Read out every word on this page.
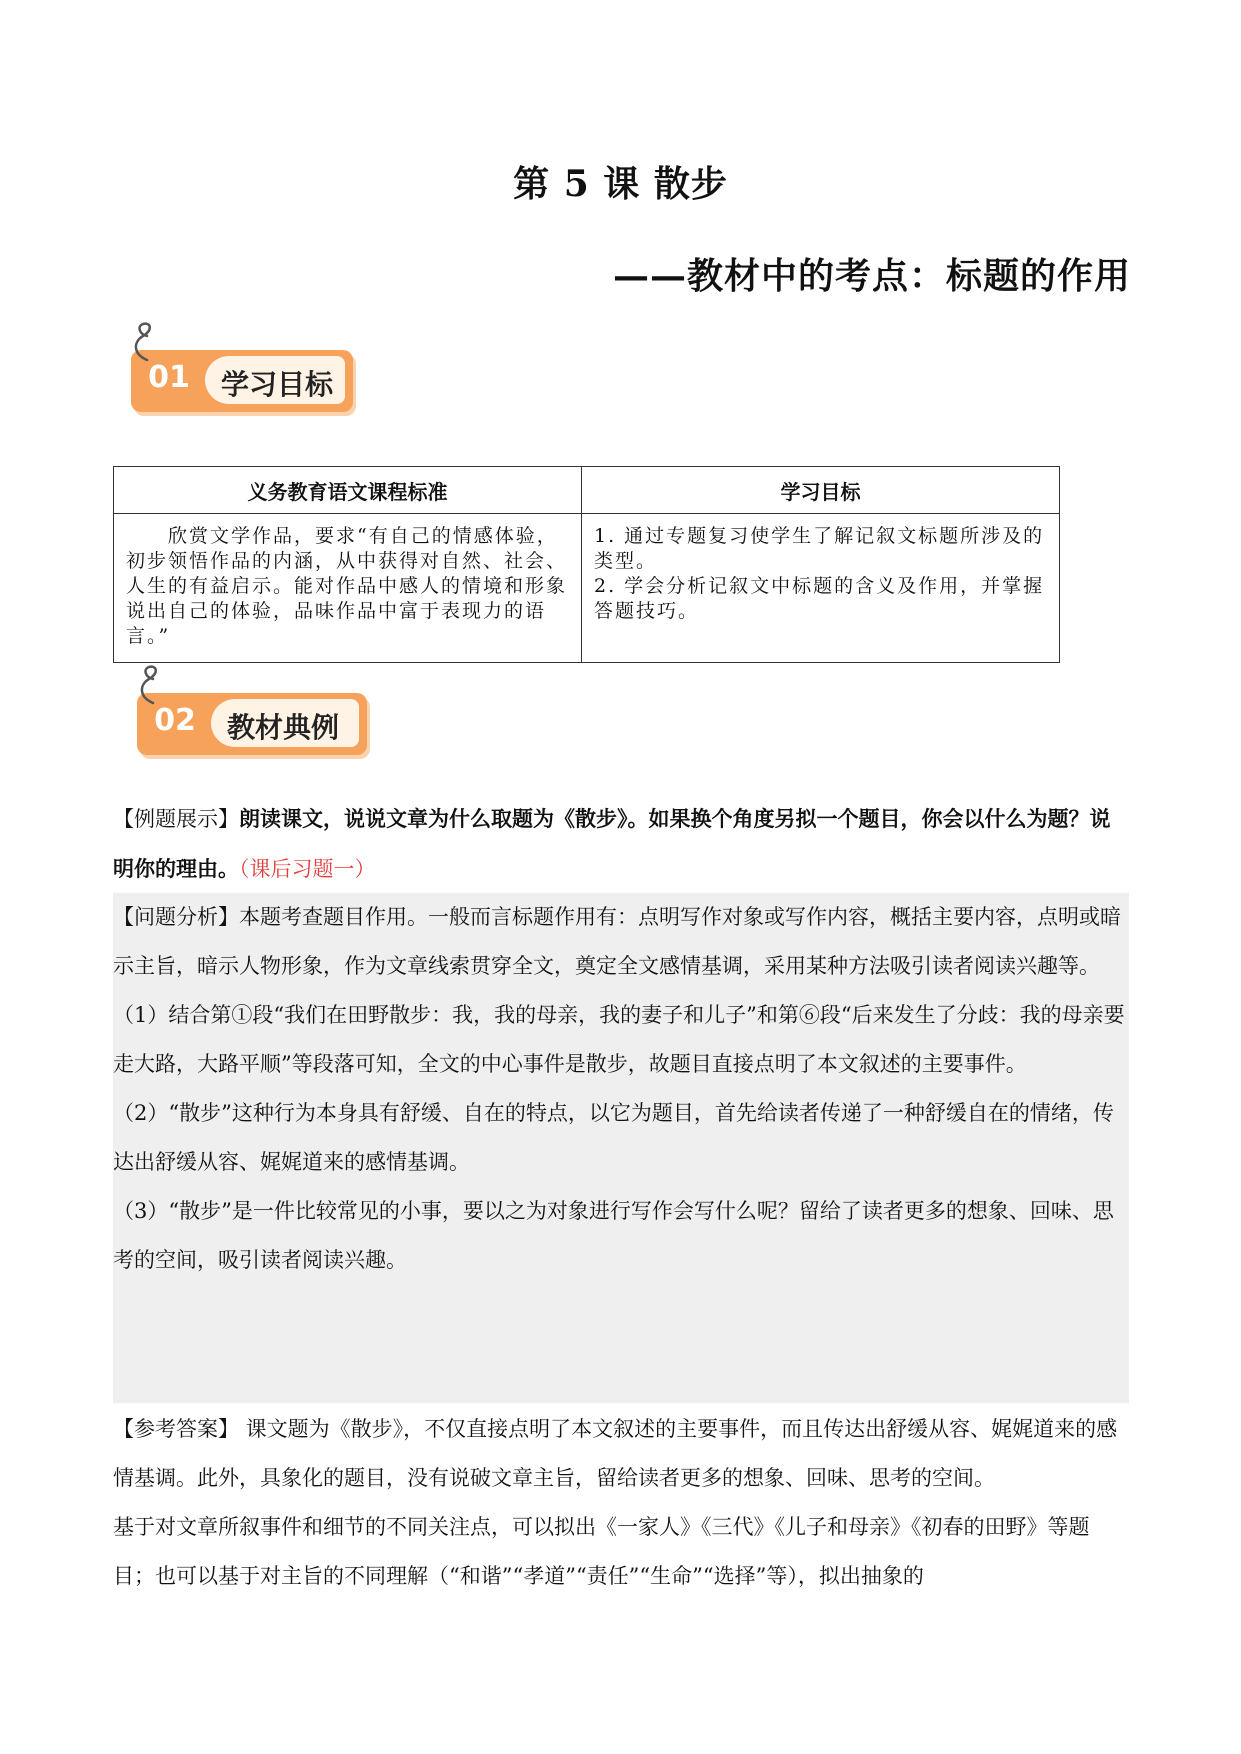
第 5 课 散步
——教材中的考点：标题的作用
01 学习目标
义务教育语文课程标准	学习目标
欣赏文学作品，要求“有自己的情感体验，初步领悟作品的内涵，从中获得对自然、社会、人生的有益启示。能对作品中感人的情境和形象说出自己的体验，品味作品中富于表现力的语言。”	1. 通过专题复习使学生了解记叙文标题所涉及的类型。

2. 学会分析记叙文中标题的含义及作用，并掌握答题技巧。

02 教材典例
【例题展示】朗读课文，说说文章为什么取题为《散步》。如果换个角度另拟一个题目，你会以什么为题？说明你的理由。（课后习题一）
【问题分析】本题考查题目作用。一般而言标题作用有：点明写作对象或写作内容，概括主要内容，点明或暗示主旨，暗示人物形象，作为文章线索贯穿全文，奠定全文感情基调，采用某种方法吸引读者阅读兴趣等。
（1）结合第①段“我们在田野散步：我，我的母亲，我的妻子和儿子”和第⑥段“后来发生了分歧：我的母亲要走大路，大路平顺”等段落可知，全文的中心事件是散步，故题目直接点明了本文叙述的主要事件。
（2）“散步”这种行为本身具有舒缓、自在的特点，以它为题目，首先给读者传递了一种舒缓自在的情绪，传达出舒缓从容、娓娓道来的感情基调。
（3）“散步”是一件比较常见的小事，要以之为对象进行写作会写什么呢？留给了读者更多的想象、回味、思考的空间，吸引读者阅读兴趣。
【参考答案】 课文题为《散步》，不仅直接点明了本文叙述的主要事件，而且传达出舒缓从容、娓娓道来的感情基调。此外，具象化的题目，没有说破文章主旨，留给读者更多的想象、回味、思考的空间。
基于对文章所叙事件和细节的不同关注点，可以拟出《一家人》《三代》《儿子和母亲》《初春的田野》等题目；也可以基于对主旨的不同理解（“和谐”“孝道”“责任”“生命”“选择”等），拟出抽象的
